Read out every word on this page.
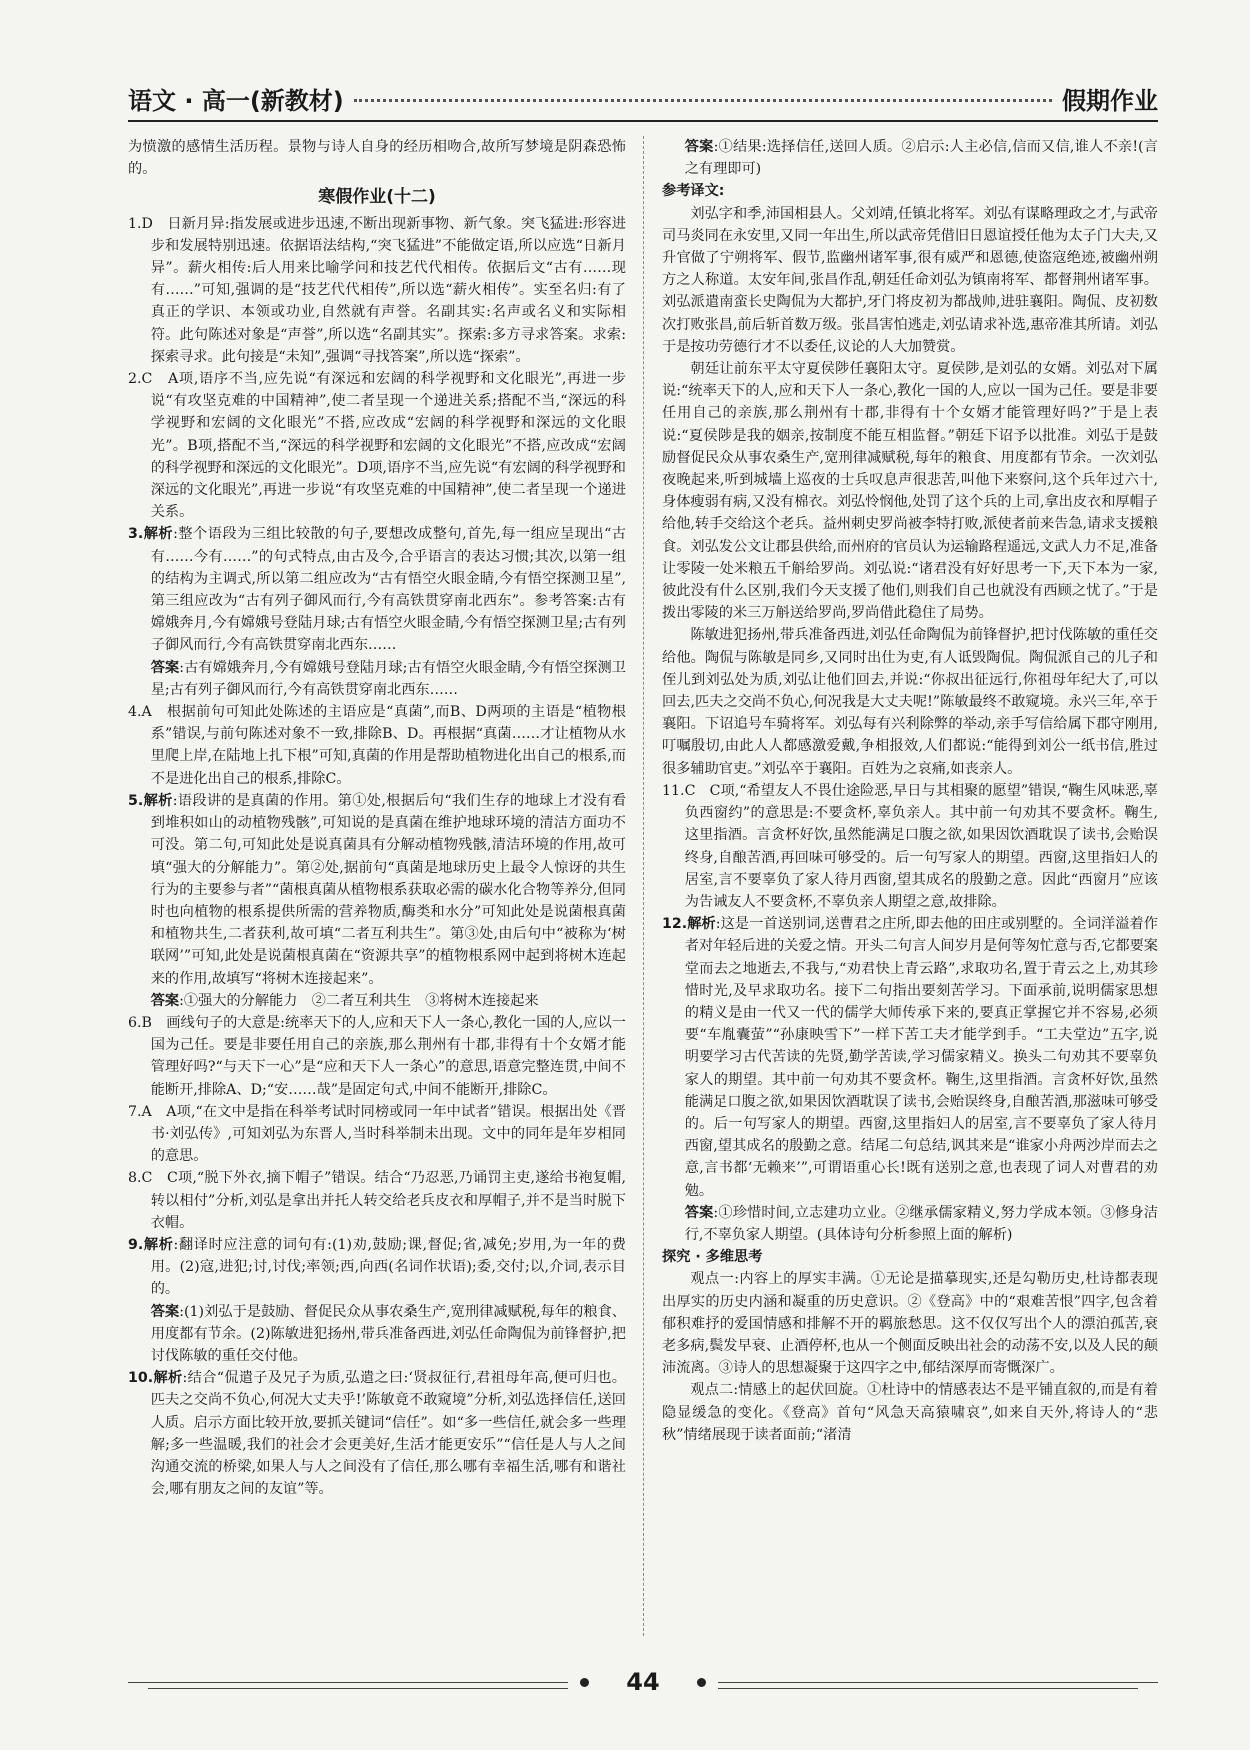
语文 · 高一(新教材)	假期作业

为愤激的感情生活历程。景物与诗人自身的经历相吻合,故所写梦境是阴森恐怖的。

寒假作业(十二)

1.D　日新月异:指发展或进步迅速,不断出现新事物、新气象。突飞猛进:形容进步和发展特别迅速。依据语法结构,“突飞猛进”不能做定语,所以应选“日新月异”。薪火相传:后人用来比喻学问和技艺代代相传。依据后文“古有……现有……”可知,强调的是“技艺代代相传”,所以选“薪火相传”。实至名归:有了真正的学识、本领或功业,自然就有声誉。名副其实:名声或名义和实际相符。此句陈述对象是“声誉”,所以选“名副其实”。探索:多方寻求答案。求索:探索寻求。此句接是“未知”,强调“寻找答案”,所以选“探索”。

2.C　A项,语序不当,应先说“有深远和宏阔的科学视野和文化眼光”,再进一步说“有攻坚克难的中国精神”,使二者呈现一个递进关系;搭配不当,“深远的科学视野和宏阔的文化眼光”不搭,应改成“宏阔的科学视野和深远的文化眼光”。B项,搭配不当,“深远的科学视野和宏阔的文化眼光”不搭,应改成“宏阔的科学视野和深远的文化眼光”。D项,语序不当,应先说“有宏阔的科学视野和深远的文化眼光”,再进一步说“有攻坚克难的中国精神”,使二者呈现一个递进关系。

3.解析:整个语段为三组比较散的句子,要想改成整句,首先,每一组应呈现出“古有……今有……”的句式特点,由古及今,合乎语言的表达习惯;其次,以第一组的结构为主调式,所以第二组应改为“古有悟空火眼金睛,今有悟空探测卫星”,第三组应改为“古有列子御风而行,今有高铁贯穿南北西东”。参考答案:古有嫦娥奔月,今有嫦娥号登陆月球;古有悟空火眼金睛,今有悟空探测卫星;古有列子御风而行,今有高铁贯穿南北西东……

答案:古有嫦娥奔月,今有嫦娥号登陆月球;古有悟空火眼金睛,今有悟空探测卫星;古有列子御风而行,今有高铁贯穿南北西东……

4.A　根据前句可知此处陈述的主语应是“真菌”,而B、D两项的主语是“植物根系”错误,与前句陈述对象不一致,排除B、D。再根据“真菌……才让植物从水里爬上岸,在陆地上扎下根”可知,真菌的作用是帮助植物进化出自己的根系,而不是进化出自己的根系,排除C。

5.解析:语段讲的是真菌的作用。第①处,根据后句“我们生存的地球上才没有看到堆积如山的动植物残骸”,可知说的是真菌在维护地球环境的清洁方面功不可没。第二句,可知此处是说真菌具有分解动植物残骸,清洁环境的作用,故可填“强大的分解能力”。第②处,据前句“真菌是地球历史上最令人惊讶的共生行为的主要参与者”“菌根真菌从植物根系获取必需的碳水化合物等养分,但同时也向植物的根系提供所需的营养物质,酶类和水分”可知此处是说菌根真菌和植物共生,二者获利,故可填“二者互利共生”。第③处,由后句中“被称为‘树联网’”可知,此处是说菌根真菌在“资源共享”的植物根系网中起到将树木连起来的作用,故填写“将树木连接起来”。

答案:①强大的分解能力　②二者互利共生　③将树木连接起来

6.B　画线句子的大意是:统率天下的人,应和天下人一条心,教化一国的人,应以一国为己任。要是非要任用自己的亲族,那么荆州有十郡,非得有十个女婿才能管理好吗?“与天下一心”是“应和天下人一条心”的意思,语意完整连贯,中间不能断开,排除A、D;“安……哉”是固定句式,中间不能断开,排除C。

7.A　A项,“在文中是指在科举考试时同榜或同一年中试者”错误。根据出处《晋书·刘弘传》,可知刘弘为东晋人,当时科举制未出现。文中的同年是年岁相同的意思。

8.C　C项,“脱下外衣,摘下帽子”错误。结合“乃忍恶,乃诵罚主吏,遂给书袍复帽,转以相付”分析,刘弘是拿出并托人转交给老兵皮衣和厚帽子,并不是当时脱下衣帽。

9.解析:翻译时应注意的词句有:(1)劝,鼓励;课,督促;省,减免;岁用,为一年的费用。(2)寇,进犯;讨,讨伐;率领;西,向西(名词作状语);委,交付;以,介词,表示目的。

答案:(1)刘弘于是鼓励、督促民众从事农桑生产,宽刑律减赋税,每年的粮食、用度都有节余。(2)陈敏进犯扬州,带兵准备西进,刘弘任命陶侃为前锋督护,把讨伐陈敏的重任交付他。

10.解析:结合“侃遣子及兄子为质,弘遣之曰:‘贤叔征行,君祖母年高,便可归也。匹夫之交尚不负心,何况大丈夫乎!’陈敏竟不敢窥境”分析,刘弘选择信任,送回人质。启示方面比较开放,要抓关键词“信任”。如“多一些信任,就会多一些理解;多一些温暖,我们的社会才会更美好,生活才能更安乐”“信任是人与人之间沟通交流的桥梁,如果人与人之间没有了信任,那么哪有幸福生活,哪有和谐社会,哪有朋友之间的友谊”等。

答案:①结果:选择信任,送回人质。②启示:人主必信,信而又信,谁人不亲!(言之有理即可)

参考译文:

刘弘字和季,沛国相县人。父刘靖,任镇北将军。刘弘有谋略理政之才,与武帝司马炎同在永安里,又同一年出生,所以武帝凭借旧日恩谊授任他为太子门大夫,又升官做了宁朔将军、假节,监幽州诸军事,很有威严和恩德,使盗寇绝迹,被幽州朔方之人称道。太安年间,张昌作乱,朝廷任命刘弘为镇南将军、都督荆州诸军事。刘弘派遣南蛮长史陶侃为大都护,牙门将皮初为都战帅,进驻襄阳。陶侃、皮初数次打败张昌,前后斩首数万级。张昌害怕逃走,刘弘请求补选,惠帝准其所请。刘弘于是按功劳德行才不以委任,议论的人大加赞赏。

朝廷让前东平太守夏侯陟任襄阳太守。夏侯陟,是刘弘的女婿。刘弘对下属说:“统率天下的人,应和天下人一条心,教化一国的人,应以一国为己任。要是非要任用自己的亲族,那么荆州有十郡,非得有十个女婿才能管理好吗?”于是上表说:“夏侯陟是我的姻亲,按制度不能互相监督。”朝廷下诏予以批准。刘弘于是鼓励督促民众从事农桑生产,宽刑律减赋税,每年的粮食、用度都有节余。一次刘弘夜晚起来,听到城墙上巡夜的士兵叹息声很悲苦,叫他下来察问,这个兵年过六十,身体瘦弱有病,又没有棉衣。刘弘怜悯他,处罚了这个兵的上司,拿出皮衣和厚帽子给他,转手交给这个老兵。益州刺史罗尚被李特打败,派使者前来告急,请求支援粮食。刘弘发公文让郡县供给,而州府的官员认为运输路程遥远,文武人力不足,准备让零陵一处米粮五千斛给罗尚。刘弘说:“诸君没有好好思考一下,天下本为一家,彼此没有什么区别,我们今天支援了他们,则我们自己也就没有西顾之忧了。”于是拨出零陵的米三万斛送给罗尚,罗尚借此稳住了局势。

陈敏进犯扬州,带兵准备西进,刘弘任命陶侃为前锋督护,把讨伐陈敏的重任交给他。陶侃与陈敏是同乡,又同时出仕为吏,有人诋毁陶侃。陶侃派自己的儿子和侄儿到刘弘处为质,刘弘让他们回去,并说:“你叔出征远行,你祖母年纪大了,可以回去,匹夫之交尚不负心,何况我是大丈夫呢!”陈敏最终不敢窥境。永兴三年,卒于襄阳。下诏追号车骑将军。刘弘每有兴利除弊的举动,亲手写信给属下郡守刚用,叮嘱殷切,由此人人都感激爱戴,争相报效,人们都说:“能得到刘公一纸书信,胜过很多辅助官吏。”刘弘卒于襄阳。百姓为之哀痛,如丧亲人。

11.C　C项,“希望友人不畏仕途险恶,早日与其相聚的愿望”错误,“鞠生风味恶,辜负西窗约”的意思是:不要贪杯,辜负亲人。其中前一句劝其不要贪杯。鞠生,这里指酒。言贪杯好饮,虽然能满足口腹之欲,如果因饮酒耽误了读书,会贻误终身,自酿苦酒,再回味可够受的。后一句写家人的期望。西窗,这里指妇人的居室,言不要辜负了家人待月西窗,望其成名的殷勤之意。因此“西窗月”应该为告诫友人不要贪杯,不辜负亲人期望之意,故排除。

12.解析:这是一首送别词,送曹君之庄所,即去他的田庄或别墅的。全词洋溢着作者对年轻后进的关爱之情。开头二句言人间岁月是何等匆忙意与否,它都要案堂而去之地逝去,不我与,“劝君快上青云路”,求取功名,置于青云之上,劝其珍惜时光,及早求取功名。接下二句指出要刻苦学习。下面承前,说明儒家思想的精义是由一代又一代的儒学大师传承下来的,要真正掌握它并不容易,必须要“车胤囊萤”“孙康映雪下”一样下苦工夫才能学到手。“工夫堂边”五字,说明要学习古代苦读的先贤,勤学苦读,学习儒家精义。换头二句劝其不要辜负家人的期望。其中前一句劝其不要贪杯。鞠生,这里指酒。言贪杯好饮,虽然能满足口腹之欲,如果因饮酒耽误了读书,会贻误终身,自酿苦酒,那滋味可够受的。后一句写家人的期望。西窗,这里指妇人的居室,言不要辜负了家人待月西窗,望其成名的殷勤之意。结尾二句总结,讽其来是“谁家小舟两沙岸而去之意,言书都‘无赖来’”,可谓语重心长!既有送别之意,也表现了词人对曹君的劝勉。

答案:①珍惜时间,立志建功立业。②继承儒家精义,努力学成本领。③修身洁行,不辜负家人期望。(具体诗句分析参照上面的解析)

探究 · 多维思考

观点一:内容上的厚实丰满。①无论是描摹现实,还是勾勒历史,杜诗都表现出厚实的历史内涵和凝重的历史意识。②《登高》中的“艰难苦恨”四字,包含着郁积难抒的爱国情感和排解不开的羁旅愁思。这不仅仅写出个人的漂泊孤苦,衰老多病,鬓发早衰、止酒停杯,也从一个侧面反映出社会的动荡不安,以及人民的颠沛流离。③诗人的思想凝聚于这四字之中,郁结深厚而寄慨深广。

观点二:情感上的起伏回旋。①杜诗中的情感表达不是平铺直叙的,而是有着隐显缓急的变化。《登高》首句“风急天高猿啸哀”,如来自天外,将诗人的“悲秋”情绪展现于读者面前;“渚清

44
